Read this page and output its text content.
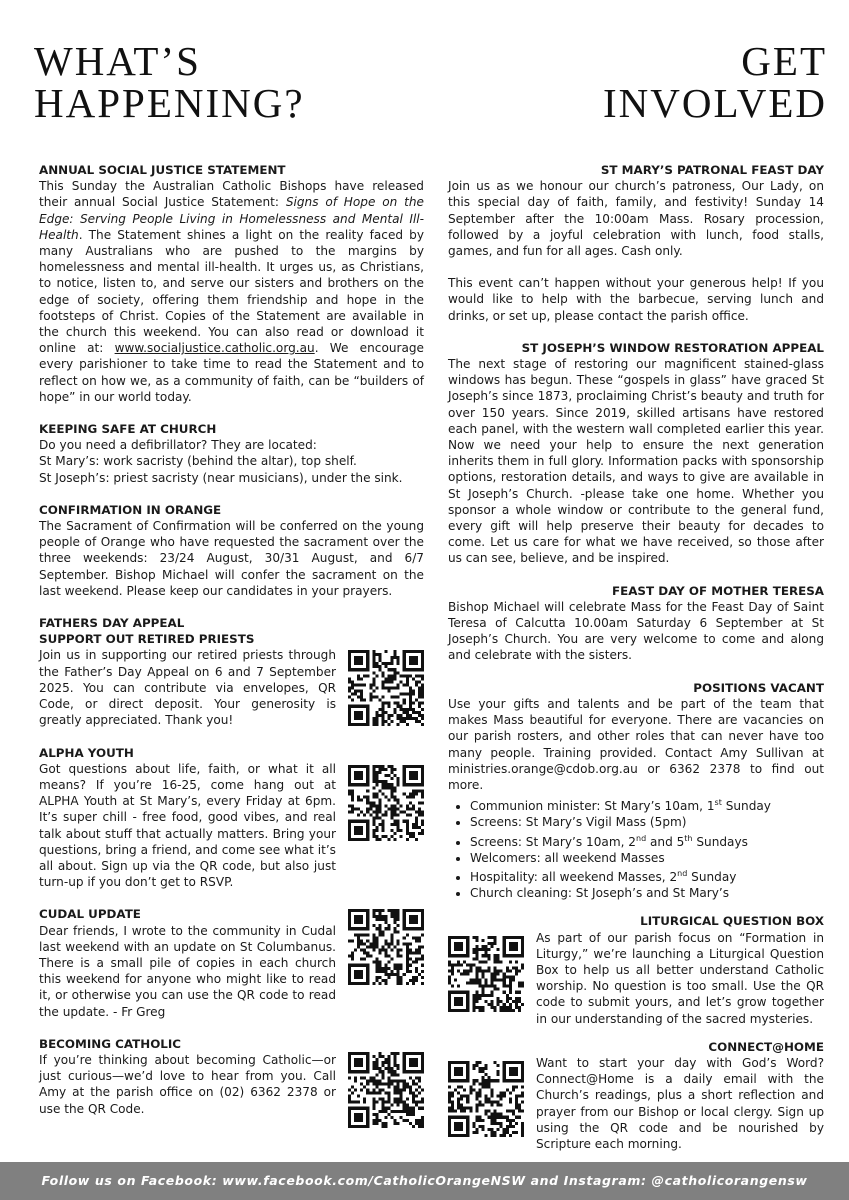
WHAT’S
HAPPENING?
GET
INVOLVED
ANNUAL SOCIAL JUSTICE STATEMENT

This Sunday the Australian Catholic Bishops have released their annual Social Justice Statement: Signs of Hope on the Edge: Serving People Living in Homelessness and Mental Ill-Health. The Statement shines a light on the reality faced by many Australians who are pushed to the margins by homelessness and mental ill-health. It urges us, as Christians, to notice, listen to, and serve our sisters and brothers on the edge of society, offering them friendship and hope in the footsteps of Christ. Copies of the Statement are available in the church this weekend. You can also read or download it online at: www.socialjustice.catholic.org.au. We encourage every parishioner to take time to read the Statement and to reflect on how we, as a community of faith, can be “builders of hope” in our world today.

KEEPING SAFE AT CHURCH

Do you need a defibrillator? They are located:

St Mary’s: work sacristy (behind the altar), top shelf.

St Joseph’s: priest sacristy (near musicians), under the sink.

CONFIRMATION IN ORANGE

The Sacrament of Confirmation will be conferred on the young people of Orange who have requested the sacrament over the three weekends: 23/24 August, 30/31 August, and 6/7 September. Bishop Michael will confer the sacrament on the last weekend. Please keep our candidates in your prayers.

FATHERS DAY APPEAL
SUPPORT OUT RETIRED PRIESTS

Join us in supporting our retired priests through the Father’s Day Appeal on 6 and 7 September 2025. You can contribute via envelopes, QR Code, or direct deposit. Your generosity is greatly appreciated. Thank you!

ALPHA YOUTH

Got questions about life, faith, or what it all means? If you’re 16-25, come hang out at ALPHA Youth at St Mary’s, every Friday at 6pm. It’s super chill - free food, good vibes, and real talk about stuff that actually matters. Bring your questions, bring a friend, and come see what it’s all about. Sign up via the QR code, but also just turn-up if you don’t get to RSVP.

CUDAL UPDATE

Dear friends, I wrote to the community in Cudal last weekend with an update on St Columbanus. There is a small pile of copies in each church this weekend for anyone who might like to read it, or otherwise you can use the QR code to read the update. - Fr Greg

BECOMING CATHOLIC

If you’re thinking about becoming Catholic—or just curious—we’d love to hear from you. Call Amy at the parish office on (02) 6362 2378 or use the QR Code.

ST MARY’S PATRONAL FEAST DAY

Join us as we honour our church’s patroness, Our Lady, on this special day of faith, family, and festivity! Sunday 14 September after the 10:00am Mass. Rosary procession, followed by a joyful celebration with lunch, food stalls, games, and fun for all ages. Cash only.

This event can’t happen without your generous help! If you would like to help with the barbecue, serving lunch and drinks, or set up, please contact the parish office.

ST JOSEPH’S WINDOW RESTORATION APPEAL

The next stage of restoring our magnificent stained-glass windows has begun. These “gospels in glass” have graced St Joseph’s since 1873, proclaiming Christ’s beauty and truth for over 150 years. Since 2019, skilled artisans have restored each panel, with the western wall completed earlier this year. Now we need your help to ensure the next generation inherits them in full glory. Information packs with sponsorship options, restoration details, and ways to give are available in St Joseph’s Church. -please take one home. Whether you sponsor a whole window or contribute to the general fund, every gift will help preserve their beauty for decades to come. Let us care for what we have received, so those after us can see, believe, and be inspired.

FEAST DAY OF MOTHER TERESA

Bishop Michael will celebrate Mass for the Feast Day of Saint Teresa of Calcutta 10.00am Saturday 6 September at St Joseph’s Church. You are very welcome to come and along and celebrate with the sisters.

POSITIONS VACANT

Use your gifts and talents and be part of the team that makes Mass beautiful for everyone. There are vacancies on our parish rosters, and other roles that can never have too many people. Training provided. Contact Amy Sullivan at ministries.orange@cdob.org.au or 6362 2378 to find out more.

• Communion minister: St Mary’s 10am, 1st Sunday
• Screens: St Mary’s Vigil Mass (5pm)
• Screens: St Mary’s 10am, 2nd and 5th Sundays
• Welcomers: all weekend Masses
• Hospitality: all weekend Masses, 2nd Sunday
• Church cleaning: St Joseph’s and St Mary’s
LITURGICAL QUESTION BOX

As part of our parish focus on “Formation in Liturgy,” we’re launching a Liturgical Question Box to help us all better understand Catholic worship. No question is too small. Use the QR code to submit yours, and let’s grow together in our understanding of the sacred mysteries.

CONNECT@HOME

Want to start your day with God’s Word? Connect@Home is a daily email with the Church’s readings, plus a short reflection and prayer from our Bishop or local clergy. Sign up using the QR code and be nourished by Scripture each morning.

Follow us on Facebook: www.facebook.com/CatholicOrangeNSW and Instagram: @catholicorangensw
